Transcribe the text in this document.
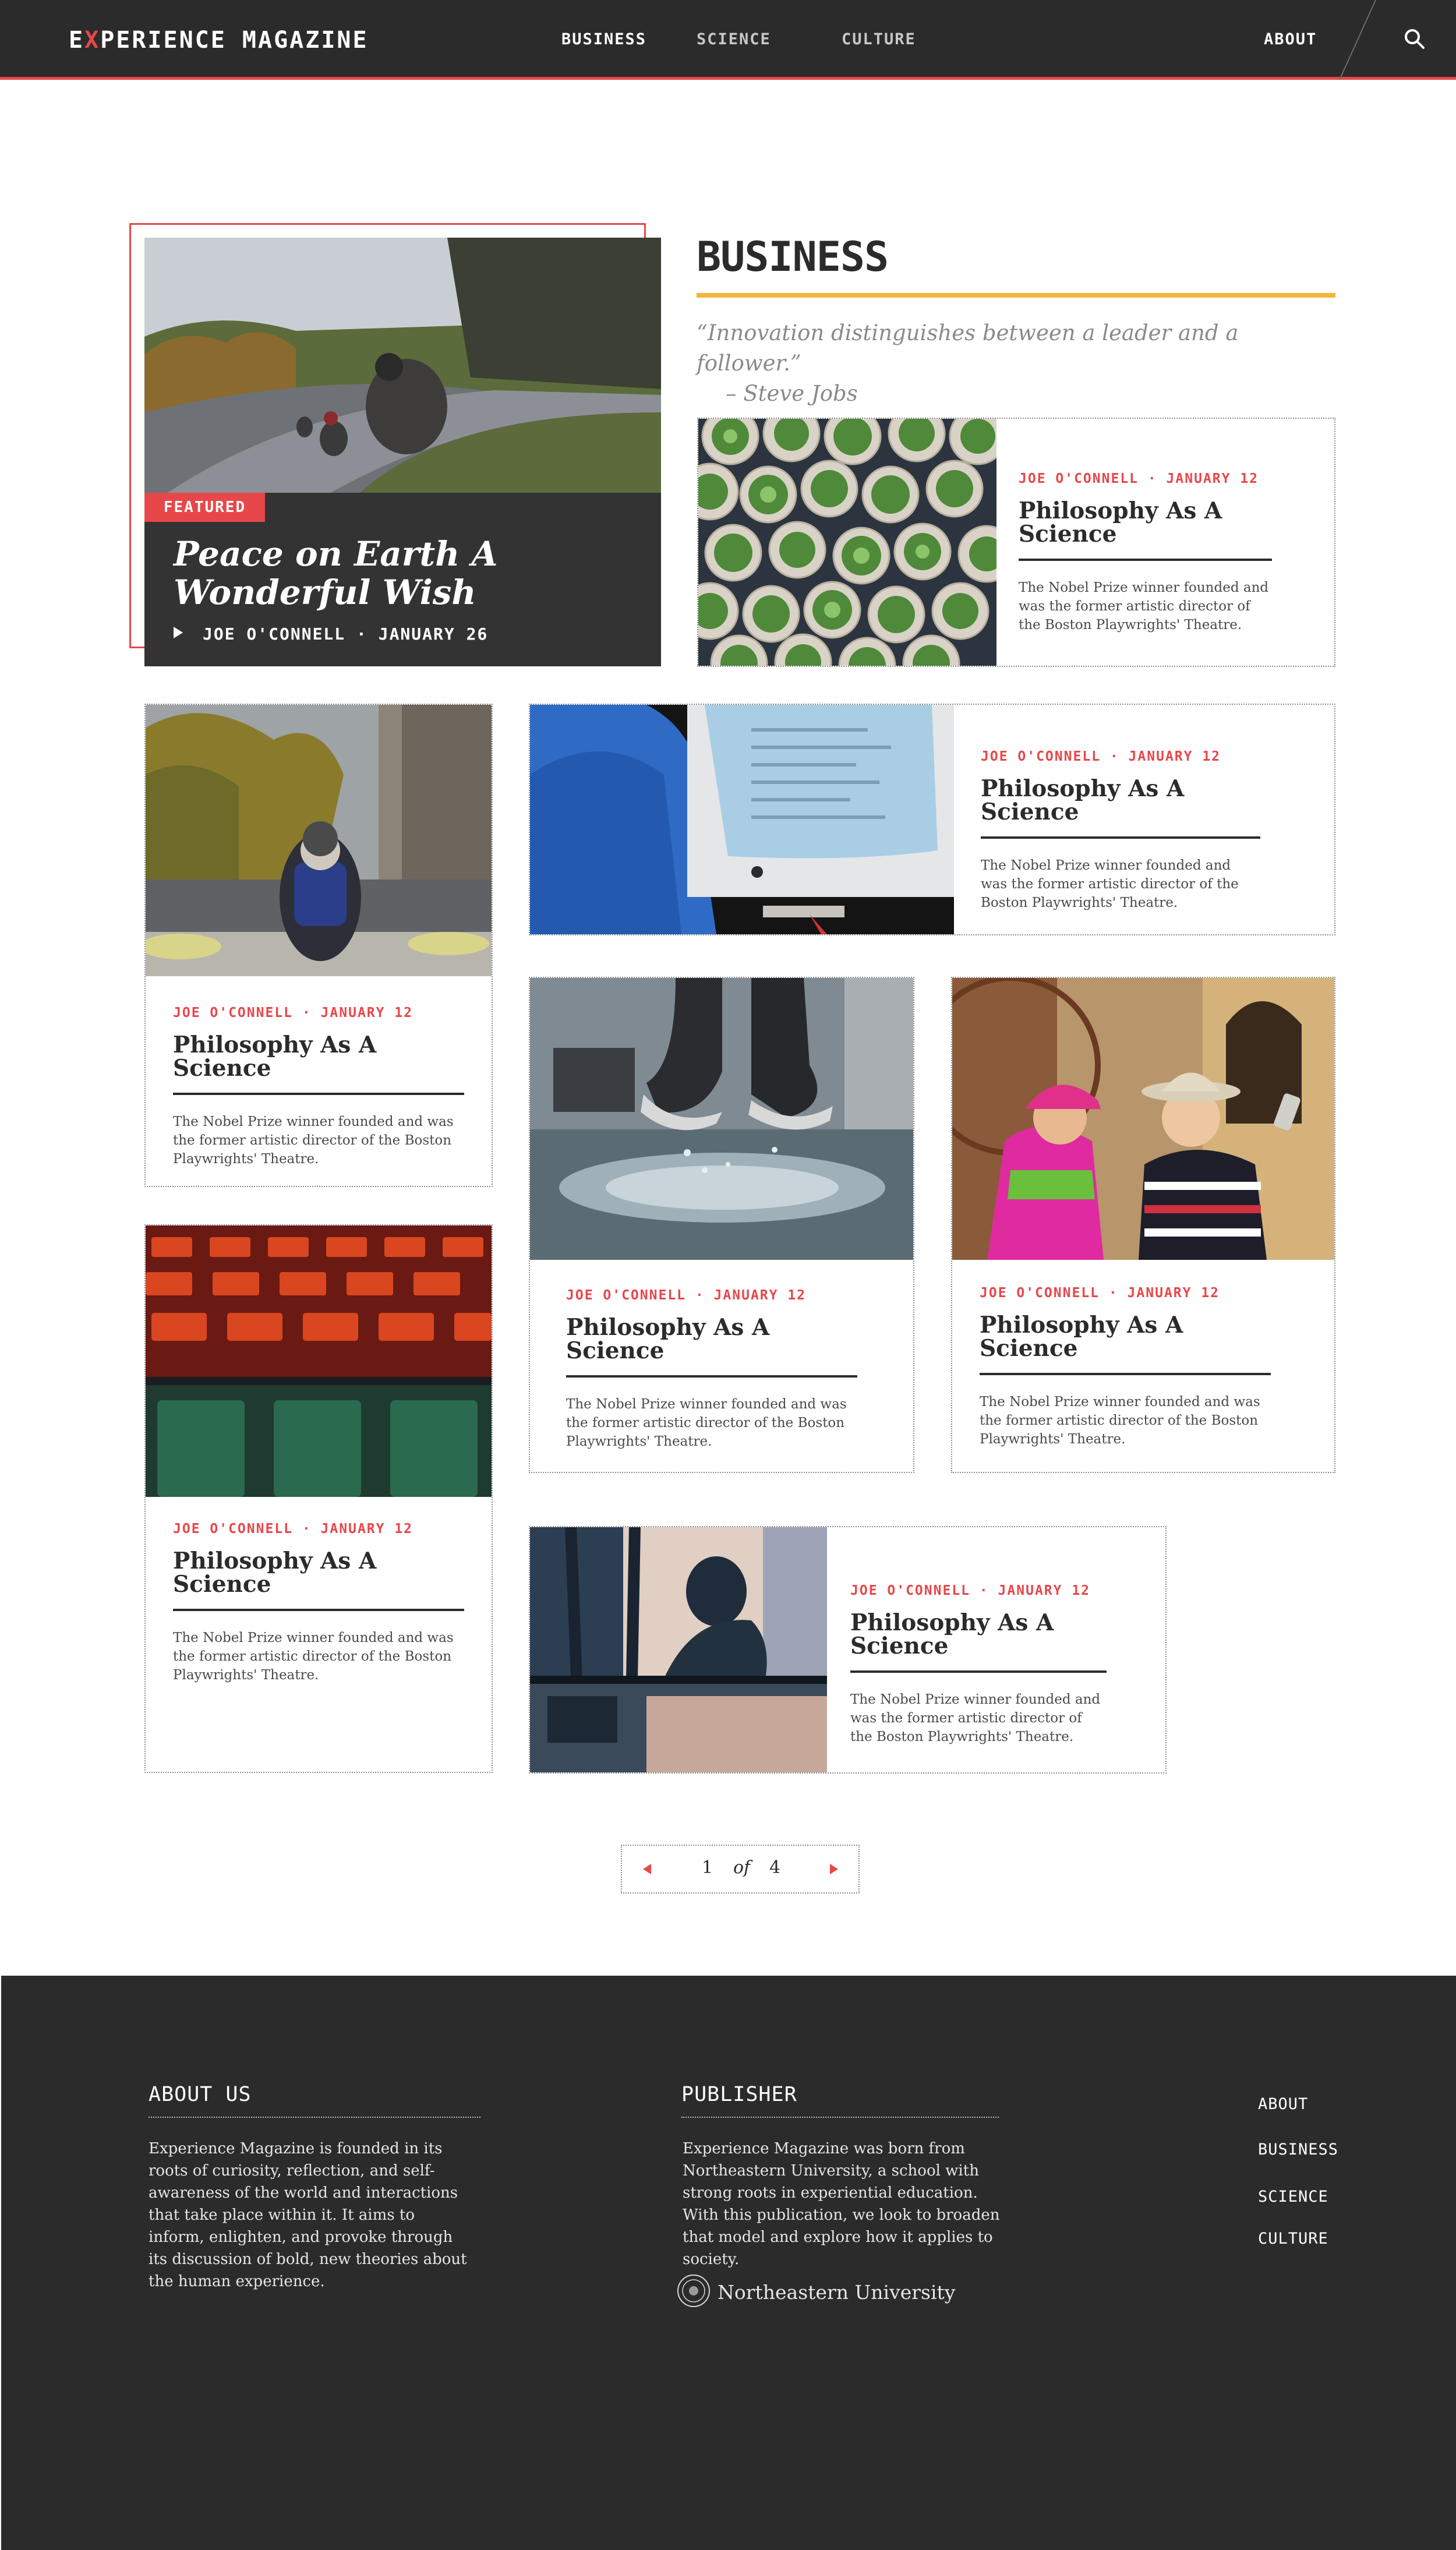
EXPERIENCE MAGAZINE	BUSINESS	SCIENCE	CULTURE	ABOUT
FEATURED
Peace on Earth A Wonderful Wish
JOE O'CONNELL · JANUARY 26
BUSINESS
“Innovation distinguishes between a leader and a follower.”
– Steve Jobs

JOE O'CONNELL · JANUARY 12

Philosophy As A Science

The Nobel Prize winner founded and was the former artistic director of the Boston Playwrights' Theatre.

JOE O'CONNELL · JANUARY 12

Philosophy As A Science

The Nobel Prize winner founded and was the former artistic director of the Boston Playwrights' Theatre.

JOE O'CONNELL · JANUARY 12

Philosophy As A Science

The Nobel Prize winner founded and was the former artistic director of the Boston Playwrights' Theatre.

JOE O'CONNELL · JANUARY 12

Philosophy As A Science

The Nobel Prize winner founded and was the former artistic director of the Boston Playwrights' Theatre.

JOE O'CONNELL · JANUARY 12

Philosophy As A Science

The Nobel Prize winner founded and was the former artistic director of the Boston Playwrights' Theatre.

JOE O'CONNELL · JANUARY 12

Philosophy As A Science

The Nobel Prize winner founded and was the former artistic director of the Boston Playwrights' Theatre.

JOE O'CONNELL · JANUARY 12

Philosophy As A Science

The Nobel Prize winner founded and was the former artistic director of the Boston Playwrights' Theatre.

1 of 4
ABOUT US
Experience Magazine is founded in its roots of curiosity, reflection, and self-awareness of the world and interactions that take place within it. It aims to inform, enlighten, and provoke through its discussion of bold, new theories about the human experience.
PUBLISHER
Experience Magazine was born from Northeastern University, a school with strong roots in experiential education. With this publication, we look to broaden that model and explore how it applies to society.
Northeastern University
ABOUT
BUSINESS
SCIENCE
CULTURE
